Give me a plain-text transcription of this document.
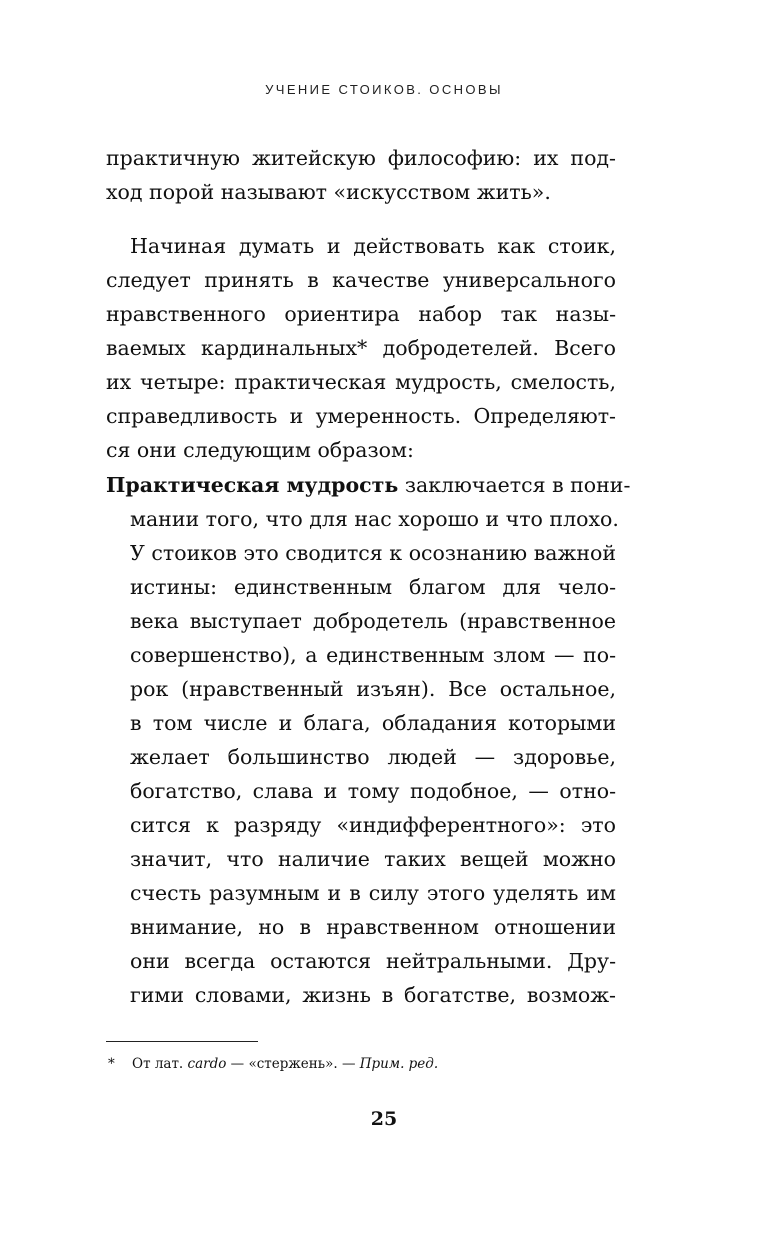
УЧЕНИЕ СТОИКОВ. ОСНОВЫ
практичную житейскую философию: их под-
ход порой называют «искусством жить».
Начиная думать и действовать как стоик,
следует принять в качестве универсального
нравственного ориентира набор так назы-
ваемых кардинальных* добродетелей. Всего
их четыре: практическая мудрость, смелость,
справедливость и умеренность. Определяют-
ся они следующим образом:
Практическая мудрость заключается в пони-
мании того, что для нас хорошо и что плохо.
У стоиков это сводится к осознанию важной
истины: единственным благом для чело-
века выступает добродетель (нравственное
совершенство), а единственным злом — по-
рок (нравственный изъян). Все остальное,
в том числе и блага, обладания которыми
желает большинство людей — здоровье,
богатство, слава и тому подобное, — отно-
сится к разряду «индифферентного»: это
значит, что наличие таких вещей можно
счесть разумным и в силу этого уделять им
внимание, но в нравственном отношении
они всегда остаются нейтральными. Дру-
гими словами, жизнь в богатстве, возмож-
* От лат. cardo — «стержень». — Прим. ред.
25
